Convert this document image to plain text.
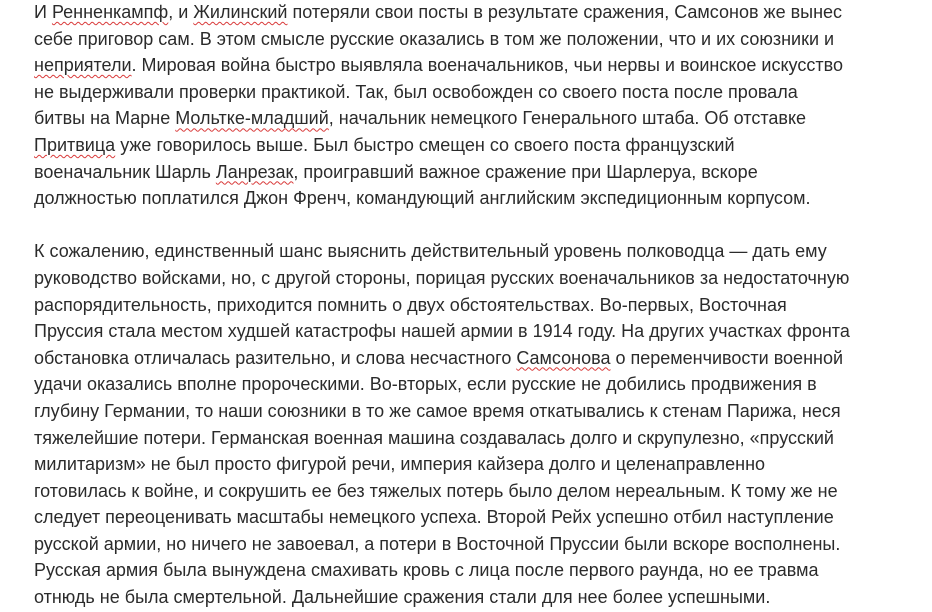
И Ренненкампф, и Жилинский потеряли свои посты в результате сражения, Самсонов же вынес
себе приговор сам. В этом смысле русские оказались в том же положении, что и их союзники и
неприятели. Мировая война быстро выявляла военачальников, чьи нервы и воинское искусство
не выдерживали проверки практикой. Так, был освобожден со своего поста после провала
битвы на Марне Мольтке-младший, начальник немецкого Генерального штаба. Об отставке
Притвица уже говорилось выше. Был быстро смещен со своего поста французский
военачальник Шарль Ланрезак, проигравший важное сражение при Шарлеруа, вскоре
должностью поплатился Джон Френч, командующий английским экспедиционным корпусом.

К сожалению, единственный шанс выяснить действительный уровень полководца — дать ему
руководство войсками, но, с другой стороны, порицая русских военачальников за недостаточную
распорядительность, приходится помнить о двух обстоятельствах. Во-первых, Восточная
Пруссия стала местом худшей катастрофы нашей армии в 1914 году. На других участках фронта
обстановка отличалась разительно, и слова несчастного Самсонова о переменчивости военной
удачи оказались вполне пророческими. Во-вторых, если русские не добились продвижения в
глубину Германии, то наши союзники в то же самое время откатывались к стенам Парижа, неся
тяжелейшие потери. Германская военная машина создавалась долго и скрупулезно, «прусский
милитаризм» не был просто фигурой речи, империя кайзера долго и целенаправленно
готовилась к войне, и сокрушить ее без тяжелых потерь было делом нереальным. К тому же не
следует переоценивать масштабы немецкого успеха. Второй Рейх успешно отбил наступление
русской армии, но ничего не завоевал, а потери в Восточной Пруссии были вскоре восполнены.
Русская армия была вынуждена смахивать кровь с лица после первого раунда, но ее травма
отнюдь не была смертельной. Дальнейшие сражения стали для нее более успешными.
